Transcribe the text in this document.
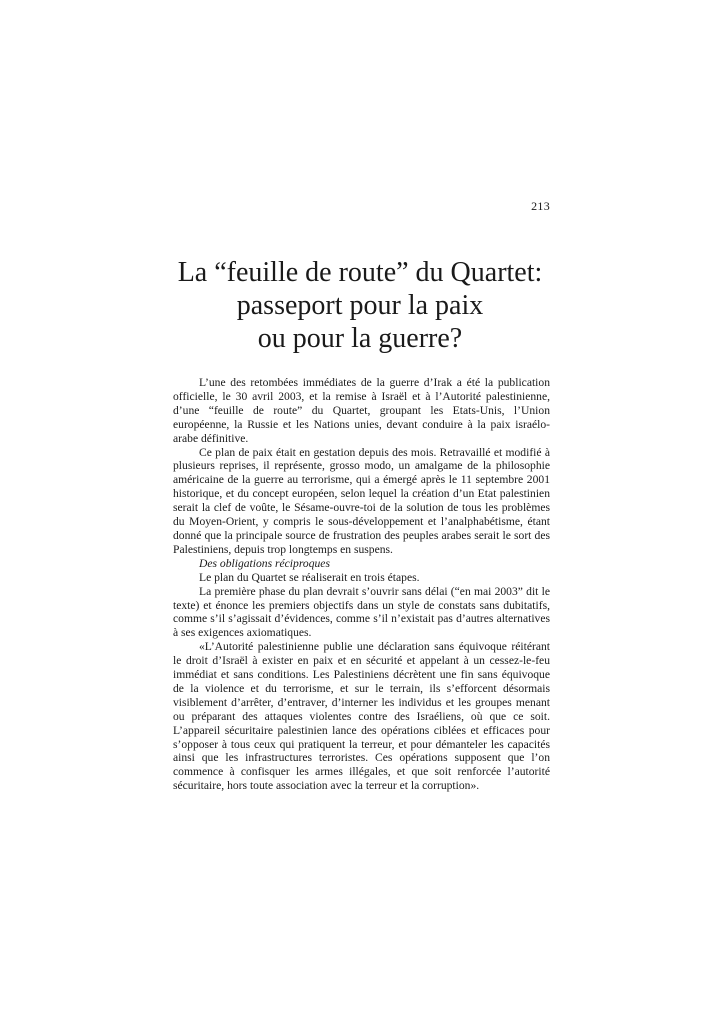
213
La “feuille de route” du Quartet:
passeport pour la paix
ou pour la guerre?

L’une des retombées immédiates de la guerre d’Irak a été la publication officielle, le 30 avril 2003, et la remise à Israël et à l’Autorité palestinienne, d’une “feuille de route” du Quartet, groupant les Etats-Unis, l’Union européenne, la Russie et les Nations unies, devant conduire à la paix israélo-arabe définitive.

Ce plan de paix était en gestation depuis des mois. Retravaillé et modifié à plusieurs reprises, il représente, grosso modo, un amalgame de la philosophie américaine de la guerre au terrorisme, qui a émergé après le 11 septembre 2001 historique, et du concept européen, selon lequel la création d’un Etat palestinien serait la clef de voûte, le Sésame-ouvre-toi de la solution de tous les problèmes du Moyen-Orient, y compris le sous-développement et l’analphabétisme, étant donné que la principale source de frustration des peuples arabes serait le sort des Palestiniens, depuis trop longtemps en suspens.

Des obligations réciproques

Le plan du Quartet se réaliserait en trois étapes.

La première phase du plan devrait s’ouvrir sans délai (“en mai 2003” dit le texte) et énonce les premiers objectifs dans un style de constats sans dubitatifs, comme s’il s’agissait d’évidences, comme s’il n’existait pas d’autres alternatives à ses exigences axiomatiques.

«L’Autorité palestinienne publie une déclaration sans équivoque réitérant le droit d’Israël à exister en paix et en sécurité et appelant à un cessez-le-feu immédiat et sans conditions. Les Palestiniens décrètent une fin sans équivoque de la violence et du terrorisme, et sur le terrain, ils s’efforcent désormais visiblement d’arrêter, d’entraver, d’interner les individus et les groupes menant ou préparant des attaques violentes contre des Israéliens, où que ce soit. L’appareil sécuritaire palestinien lance des opérations ciblées et efficaces pour s’opposer à tous ceux qui pratiquent la terreur, et pour démanteler les capacités ainsi que les infrastructures terroristes. Ces opérations supposent que l’on commence à confisquer les armes illégales, et que soit renforcée l’autorité sécuritaire, hors toute association avec la terreur et la corruption».
